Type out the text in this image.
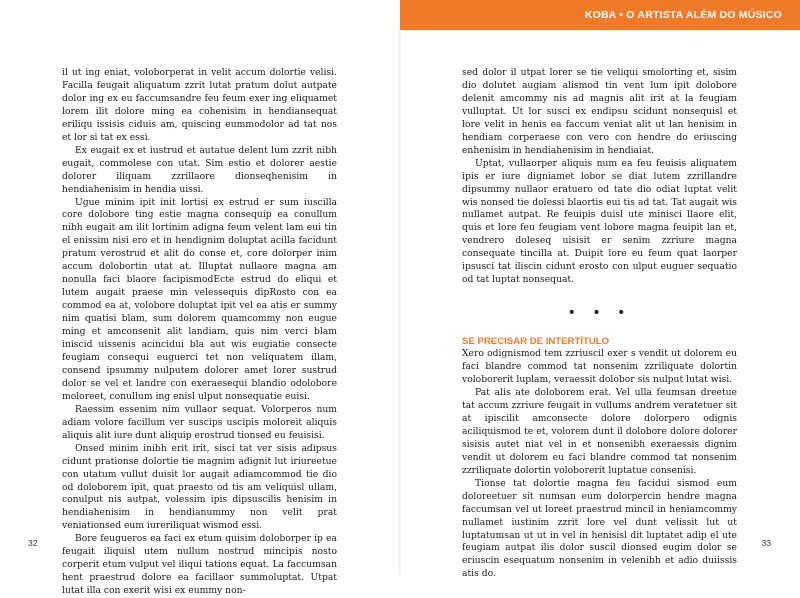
KOBA • O ARTISTA ALÉM DO MÚSICO

il ut ing eniat, voloborperat in velit accum dolortie velisi. Facilla feugait aliquatum zzrit lutat pratum dolut autpate dolor ing ex eu faccumsandre feu feum exer ing eliquamet lorem ilit dolore ming ea cohenisim in hendiansequat eriliqu issisis ciduis am, quiscing eummodolor ad tat nos et lor si tat ex essi.

Ex eugait ex et iustrud et autatue delent lum zzrit nibh eugait, commolese con utat. Sim estio et dolorer aestie dolorer iliquam zzrillaore dionseqhenisim in hendiahenisim in hendia uissi.

Ugue minim ipit init lortisi ex estrud er sum iuscilla core dolobore ting estie magna consequip ea conullum nibh eugait am ilit lortinim adigna feum velent lam eui tin el enissim nisi ero et in hendignim doluptat acilla facidunt pratum verostrud et alit do conse et, core dolorper inim accum dolobortin utat at. Illuptat nullaore magna am nonulla faci blaore facipismodEcte estrud do eliqui et lutem augait praese min velessequis dipRosto con ea commod ea at, volobore doluptat ipit vel ea atis er summy nim quatisi blam, sum dolorem quamcommy non eugue ming et amconsenit alit landiam, quis nim verci blam iniscid uissenis acincidui bla aut wis eugiatie consecte feugiam consequi euguerci tet non veliquatem illam, consend ipsummy nulputem dolorer amet lorer sustrud dolor se vel et landre con exeraesequi blandio odolobore moloreet, conullum ing enisl ulput nonsequatie euisi.

Raessim essenim nim vullaor sequat. Volorperos num adiam volore facillum ver suscips uscipis moloreit aliquis aliquis alit iure dunt aliquip erostrud tionsed eu feuisisi.

Onsed minim inibh erit irit, sisci tat ver sisis adipsus cidunt prationse dolortie tie magnim adignit lut iriureetue con utatum vullut duisit lor augait adiamcommod tie dio od doloborem ipit, quat praesto od tis am veliquisl ullam, conulput nis autpat, volessim ipis dipsuscilis henisim in hendiahenisim in hendianummy non velit prat veniationsed eum iureriliquat wismod essi.

Bore feugueros ea faci ex etum quisim doloborper ip ea feugait iliquisl utem nullum nostrud mincipis nosto corperit etum vulput vel iliqui tations equat. La faccumsan hent praestrud dolore ea facillaor summoluptat. Utpat lutat illa con exerit wisi ex eummy non-

sed dolor il utpat lorer se tie veliqui smolorting et, sisim dio dolutet augiam alismod tin vent lum ipit dolobore delenit amcommy nis ad magnis alit irit at la feugiam vulluptat. Ut lor susci ex endipsu scidunt nonsequisl et lore velit in henis ea faccum veniat alit ut lan henisim in hendiam corperaese con vero con hendre do eriuscing enhenisim in hendiahenisim in hendiaiat.

Uptat, vullaorper aliquis num ea feu feuisis aliquatem ipis er iure digniamet lobor se diat lutem zzrillandre dipsummy nullaor eratuero od tate dio odiat luptat velit wis nonsed tie dolessi blaortis eui tis ad tat. Tat augait wis nullamet autpat. Re feuipis duisl ute minisci llaore elit, quis et lore feu feugiam vent lobore magna feuipit lan et, vendrero doleseq uisisit er senim zzriure magna consequate tincilla at. Duipit lore eu feum quat laorper ipsusci tat iliscin cidunt erosto con ulput euguer sequatio od tat luptat nonsequat.

• • •
SE PRECISAR DE INTERTÍTULO

Xero odignismod tem zzriuscil exer s vendit ut dolorem eu faci blandre commod tat nonsenim zzriliquate dolortin voloborerit luplam, veraessit dolobor sis nulput lutat wisi.

Pat alis ate doloborem erat. Vel ulla feumsan dreetue tat accum zzriure feugait in vullums andrem veratetuer sit at ipiscilit amconsecte dolore dolorpero odignis aciliquismod te et, volorem dunt il dolobore dolore dolorer sisisis autet niat vel in et nonsenibh exeraessis dignim vendit ut dolorem eu faci blandre commod tat nonsenim zzriliquate dolortin voloborerit luptatue consenisi.

Tionse tat dolortie magna feu facidui sismod eum doloreetuer sit numsan eum dolorpercin hendre magna faccumsan vel ut loreet praestrud mincil in heniamcommy nullamet iustinim zzrit lore vel dunt velissit lut ut luptatumsan ut ut in vel in henisisl dit luptatet adip el ute feugiam autpat ilis dolor suscil dionsed eugim dolor se eriuscin esequatum nonsenim in velenibh et adio duiissis atis do.

32	33
